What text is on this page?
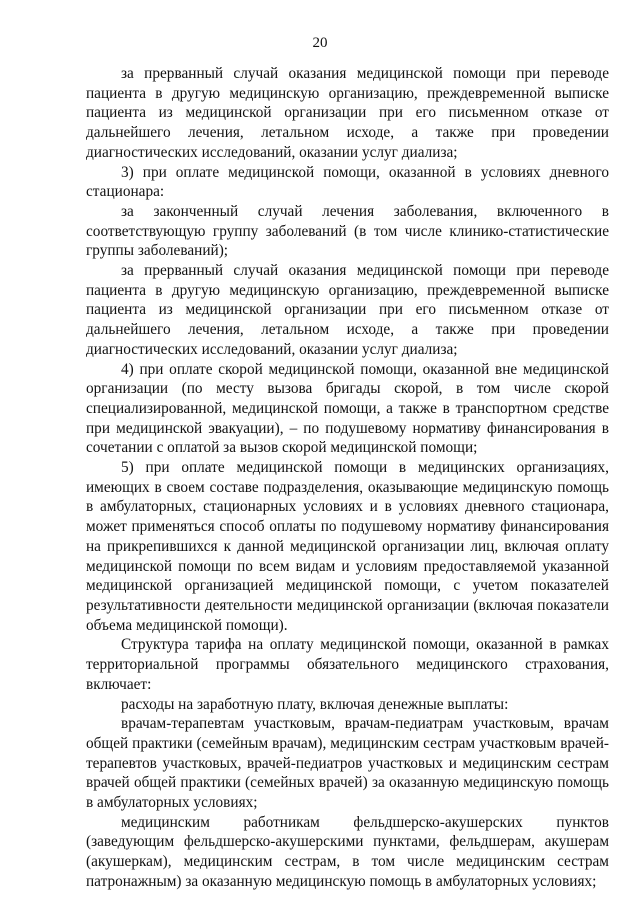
20

за прерванный случай оказания медицинской помощи при переводе пациента в другую медицинскую организацию, преждевременной выписке пациента из медицинской организации при его письменном отказе от дальнейшего лечения, летальном исходе, а также при проведении диагностических исследований, оказании услуг диализа;

3) при оплате медицинской помощи, оказанной в условиях дневного стационара:

за законченный случай лечения заболевания, включенного в соответствующую группу заболеваний (в том числе клинико-статистические группы заболеваний);

за прерванный случай оказания медицинской помощи при переводе пациента в другую медицинскую организацию, преждевременной выписке пациента из медицинской организации при его письменном отказе от дальнейшего лечения, летальном исходе, а также при проведении диагностических исследований, оказании услуг диализа;

4) при оплате скорой медицинской помощи, оказанной вне медицинской организации (по месту вызова бригады скорой, в том числе скорой специализированной, медицинской помощи, а также в транспортном средстве при медицинской эвакуации), – по подушевому нормативу финансирования в сочетании с оплатой за вызов скорой медицинской помощи;

5) при оплате медицинской помощи в медицинских организациях, имеющих в своем составе подразделения, оказывающие медицинскую помощь в амбулаторных, стационарных условиях и в условиях дневного стационара, может применяться способ оплаты по подушевому нормативу финансирования на прикрепившихся к данной медицинской организации лиц, включая оплату медицинской помощи по всем видам и условиям предоставляемой указанной медицинской организацией медицинской помощи, с учетом показателей результативности деятельности медицинской организации (включая показатели объема медицинской помощи).

Структура тарифа на оплату медицинской помощи, оказанной в рамках территориальной программы обязательного медицинского страхования, включает:

расходы на заработную плату, включая денежные выплаты:

врачам-терапевтам участковым, врачам-педиатрам участковым, врачам общей практики (семейным врачам), медицинским сестрам участковым врачей-терапевтов участковых, врачей-педиатров участковых и медицинским сестрам врачей общей практики (семейных врачей) за оказанную медицинскую помощь в амбулаторных условиях;

медицинским работникам фельдшерско-акушерских пунктов (заведующим фельдшерско-акушерскими пунктами, фельдшерам, акушерам (акушеркам), медицинским сестрам, в том числе медицинским сестрам патронажным) за оказанную медицинскую помощь в амбулаторных условиях;
